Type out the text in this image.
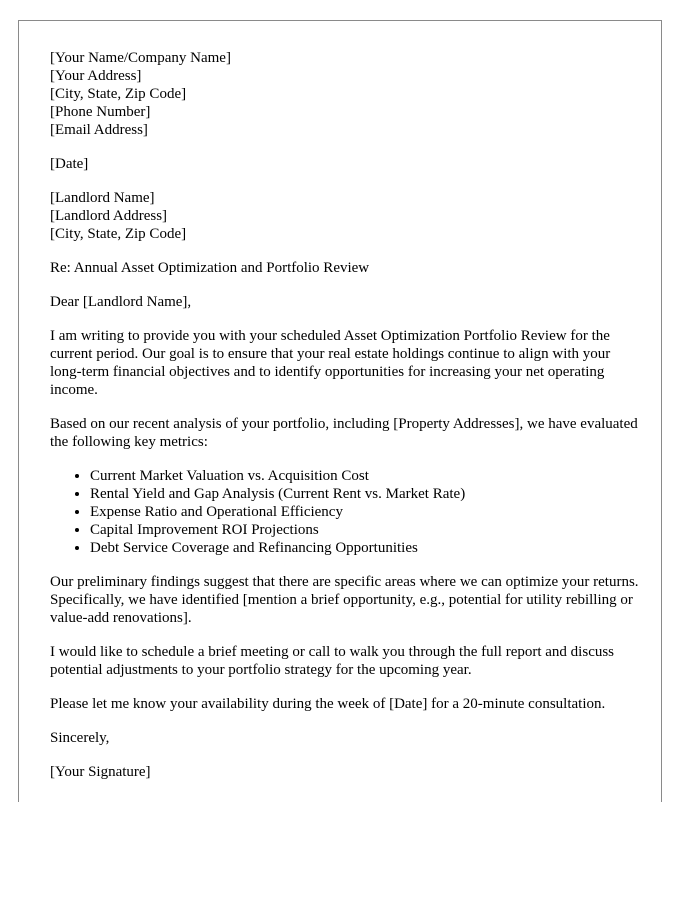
[Your Name/Company Name]
[Your Address]
[City, State, Zip Code]
[Phone Number]
[Email Address]
[Date]
[Landlord Name]
[Landlord Address]
[City, State, Zip Code]

Re: Annual Asset Optimization and Portfolio Review

Dear [Landlord Name],

I am writing to provide you with your scheduled Asset Optimization Portfolio Review for the current period. Our goal is to ensure that your real estate holdings continue to align with your long-term financial objectives and to identify opportunities for increasing your net operating income.

Based on our recent analysis of your portfolio, including [Property Addresses], we have evaluated the following key metrics:

• Current Market Valuation vs. Acquisition Cost
• Rental Yield and Gap Analysis (Current Rent vs. Market Rate)
• Expense Ratio and Operational Efficiency
• Capital Improvement ROI Projections
• Debt Service Coverage and Refinancing Opportunities

Our preliminary findings suggest that there are specific areas where we can optimize your returns. Specifically, we have identified [mention a brief opportunity, e.g., potential for utility rebilling or value-add renovations].

I would like to schedule a brief meeting or call to walk you through the full report and discuss potential adjustments to your portfolio strategy for the upcoming year.

Please let me know your availability during the week of [Date] for a 20-minute consultation.

Sincerely,

[Your Signature]
